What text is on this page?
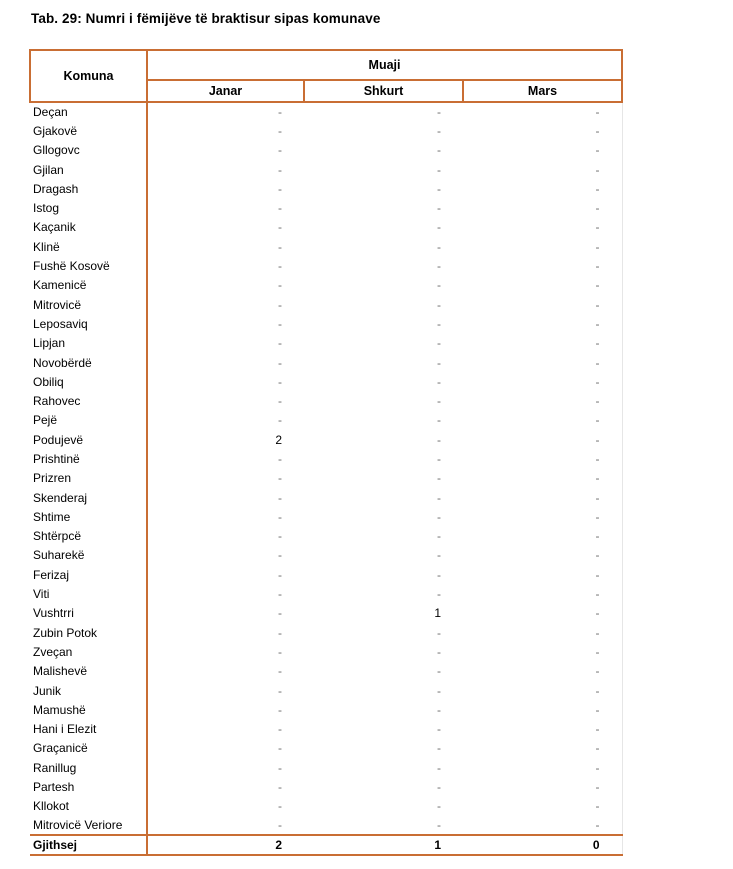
Tab. 29: Numri i fëmijëve të braktisur sipas komunave
Komuna	Muaji		
	Janar	Shkurt	Mars
Deçan	-	-	-
Gjakovë	-	-	-
Gllogovc	-	-	-
Gjilan	-	-	-
Dragash	-	-	-
Istog	-	-	-
Kaçanik	-	-	-
Klinë	-	-	-
Fushë Kosovë	-	-	-
Kamenicë	-	-	-
Mitrovicë	-	-	-
Leposaviq	-	-	-
Lipjan	-	-	-
Novobërdë	-	-	-
Obiliq	-	-	-
Rahovec	-	-	-
Pejë	-	-	-
Podujevë	2	-	-
Prishtinë	-	-	-
Prizren	-	-	-
Skenderaj	-	-	-
Shtime	-	-	-
Shtërpcë	-	-	-
Suharekë	-	-	-
Ferizaj	-	-	-
Viti	-	-	-
Vushtrri	-	1	-
Zubin Potok	-	-	-
Zveçan	-	-	-
Malishevë	-	-	-
Junik	-	-	-
Mamushë	-	-	-
Hani i Elezit	-	-	-
Graçanicë	-	-	-
Ranillug	-	-	-
Partesh	-	-	-
Kllokot	-	-	-
Mitrovicë Veriore	-	-	-
Gjithsej	2	1	0
